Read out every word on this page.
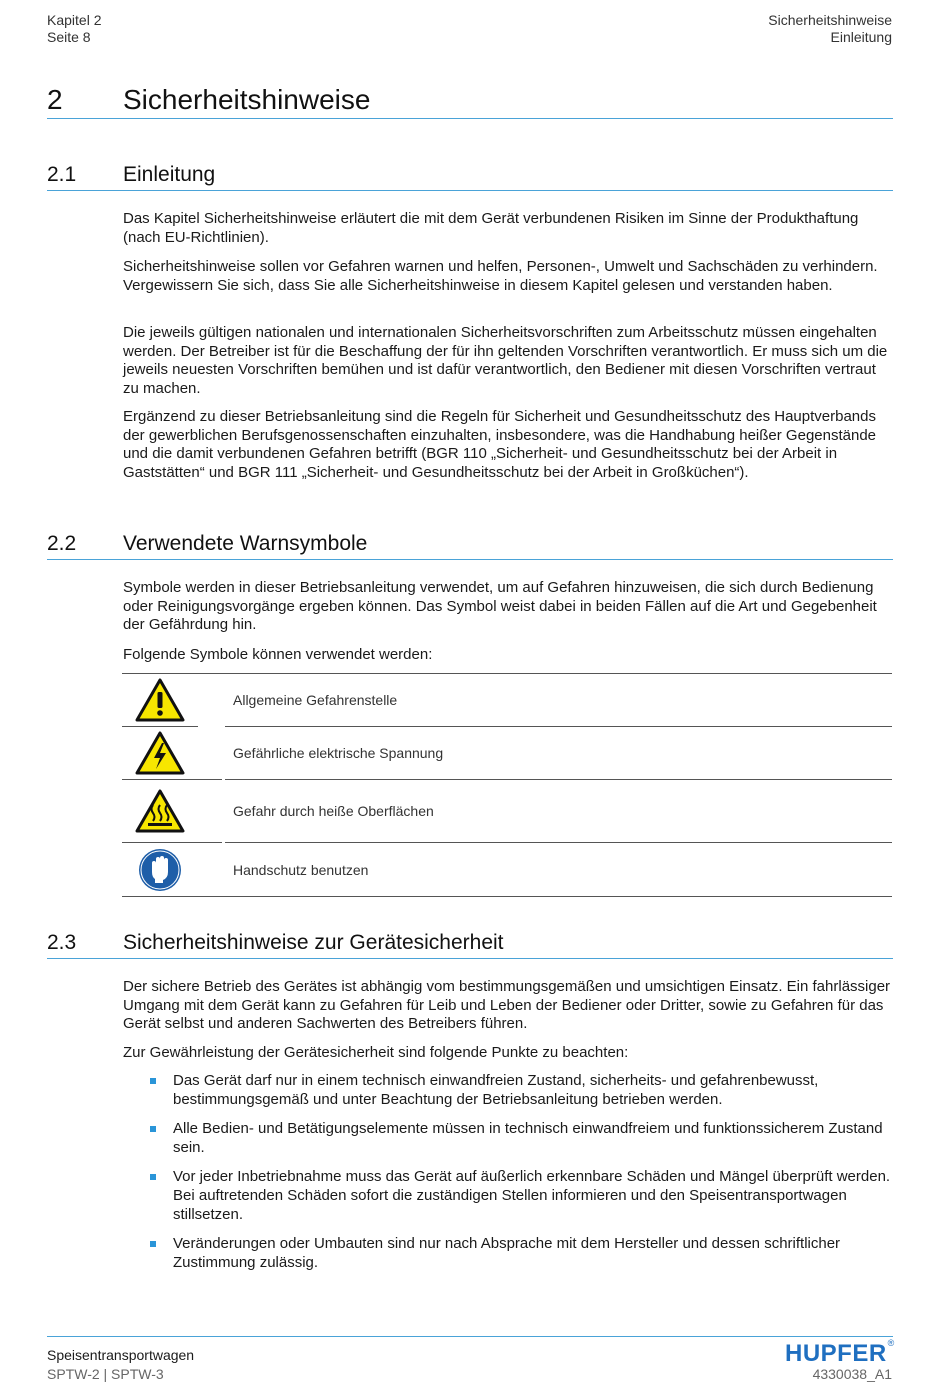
Kapitel 2
Seite 8
Sicherheitshinweise
Einleitung
2 Sicherheitshinweise
2.1 Einleitung
Das Kapitel Sicherheitshinweise erläutert die mit dem Gerät verbundenen Risiken im Sinne der Produkthaftung (nach EU-Richtlinien).
Sicherheitshinweise sollen vor Gefahren warnen und helfen, Personen-, Umwelt und Sachschäden zu verhindern. Vergewissern Sie sich, dass Sie alle Sicherheitshinweise in diesem Kapitel gelesen und verstanden haben.
Die jeweils gültigen nationalen und internationalen Sicherheitsvorschriften zum Arbeitsschutz müssen eingehalten werden. Der Betreiber ist für die Beschaffung der für ihn geltenden Vorschriften verantwortlich. Er muss sich um die jeweils neuesten Vorschriften bemühen und ist dafür verantwortlich, den Bediener mit diesen Vorschriften vertraut zu machen.
Ergänzend zu dieser Betriebsanleitung sind die Regeln für Sicherheit und Gesundheitsschutz des Hauptverbands der gewerblichen Berufsgenossenschaften einzuhalten, insbesondere, was die Handhabung heißer Gegenstände und die damit verbundenen Gefahren betrifft (BGR 110 „Sicherheit- und Gesundheitsschutz bei der Arbeit in Gaststätten“ und BGR 111 „Sicherheit- und Gesundheitsschutz bei der Arbeit in Großküchen“).
2.2 Verwendete Warnsymbole
Symbole werden in dieser Betriebsanleitung verwendet, um auf Gefahren hinzuweisen, die sich durch Bedienung oder Reinigungsvorgänge ergeben können. Das Symbol weist dabei in beiden Fällen auf die Art und Gegebenheit der Gefährdung hin.
Folgende Symbole können verwendet werden:
Allgemeine Gefahrenstelle
Gefährliche elektrische Spannung
Gefahr durch heiße Oberflächen
Handschutz benutzen
2.3 Sicherheitshinweise zur Gerätesicherheit
Der sichere Betrieb des Gerätes ist abhängig vom bestimmungsgemäßen und umsichtigen Einsatz. Ein fahrlässiger Umgang mit dem Gerät kann zu Gefahren für Leib und Leben der Bediener oder Dritter, sowie zu Gefahren für das Gerät selbst und anderen Sachwerten des Betreibers führen.
Zur Gewährleistung der Gerätesicherheit sind folgende Punkte zu beachten:
Das Gerät darf nur in einem technisch einwandfreien Zustand, sicherheits- und gefahrenbewusst, bestimmungsgemäß und unter Beachtung der Betriebsanleitung betrieben werden.
Alle Bedien- und Betätigungselemente müssen in technisch einwandfreiem und funktionssicherem Zustand sein.
Vor jeder Inbetriebnahme muss das Gerät auf äußerlich erkennbare Schäden und Mängel überprüft werden. Bei auftretenden Schäden sofort die zuständigen Stellen informieren und den Speisentransportwagen stillsetzen.
Veränderungen oder Umbauten sind nur nach Absprache mit dem Hersteller und dessen schriftlicher Zustimmung zulässig.
Speisentransportwagen
SPTW-2 | SPTW-3
HUPFER®
4330038_A1
